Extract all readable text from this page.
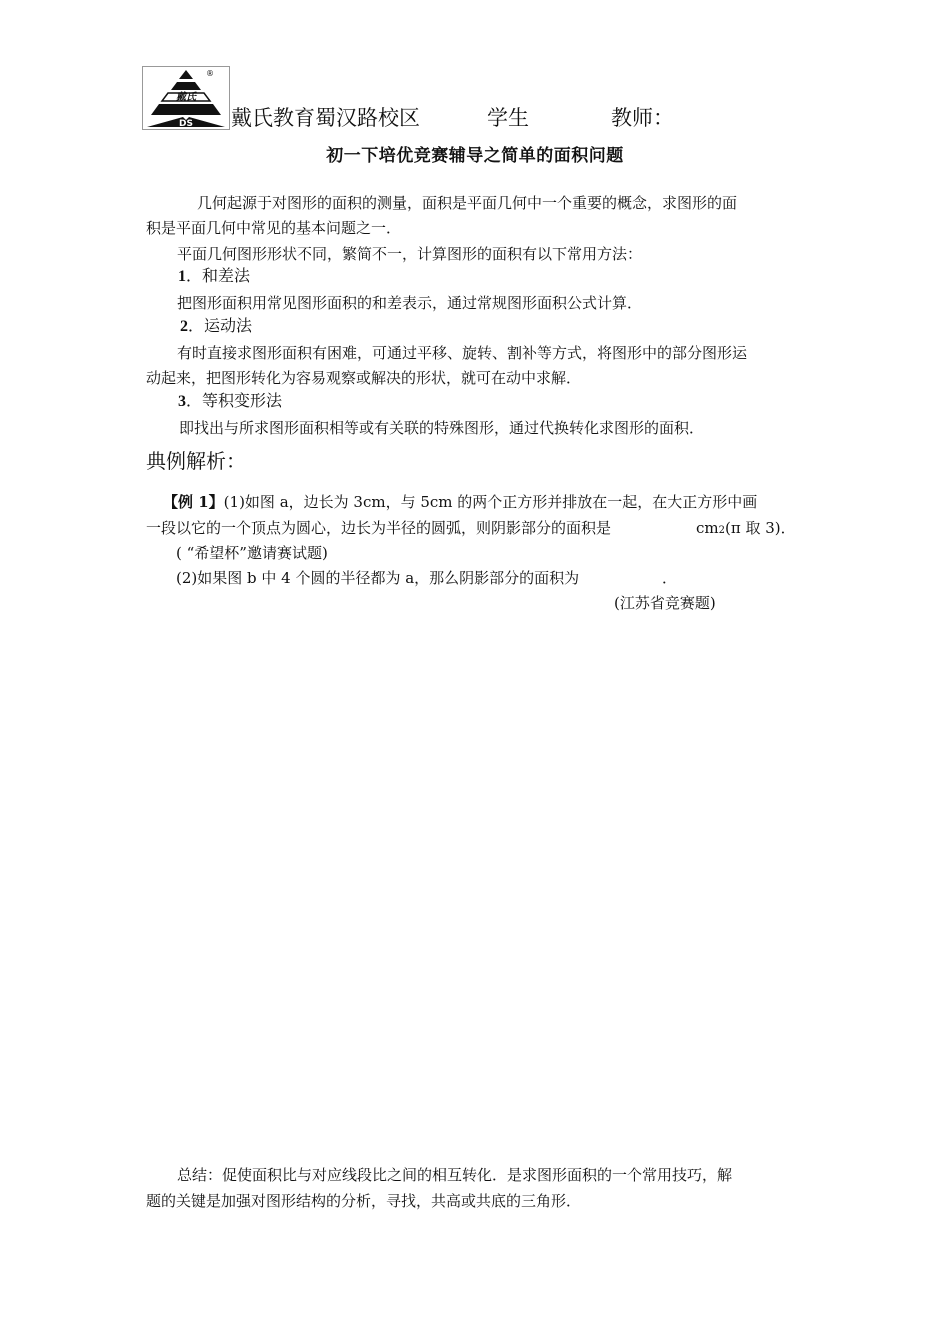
戴氏
DS
®
戴氏教育蜀汉路校区	学生	教师：
初一下培优竞赛辅导之简单的面积问题
几何起源于对图形的面积的测量，面积是平面几何中一个重要的概念，求图形的面
积是平面几何中常见的基本问题之一．
平面几何图形形状不同，繁简不一，计算图形的面积有以下常用方法：
1．和差法
把图形面积用常见图形面积的和差表示，通过常规图形面积公式计算．
2．运动法
有时直接求图形面积有困难，可通过平移、旋转、割补等方式，将图形中的部分图形运
动起来，把图形转化为容易观察或解决的形状，就可在动中求解．
3．等积变形法
即找出与所求图形面积相等或有关联的特殊图形，通过代换转化求图形的面积．
典例解析：
【例 1】(1)如图 a，边长为 3cm，与 5cm 的两个正方形并排放在一起，在大正方形中画
一段以它的一个顶点为圆心，边长为半径的圆弧，则阴影部分的面积是	cm2(π 取 3)．
( “希望杯”邀请赛试题)
(2)如果图 b 中 4 个圆的半径都为 a，那么阴影部分的面积为	．
(江苏省竞赛题)
总结：促使面积比与对应线段比之间的相互转化．是求图形面积的一个常用技巧，解
题的关键是加强对图形结构的分析，寻找，共高或共底的三角形．
